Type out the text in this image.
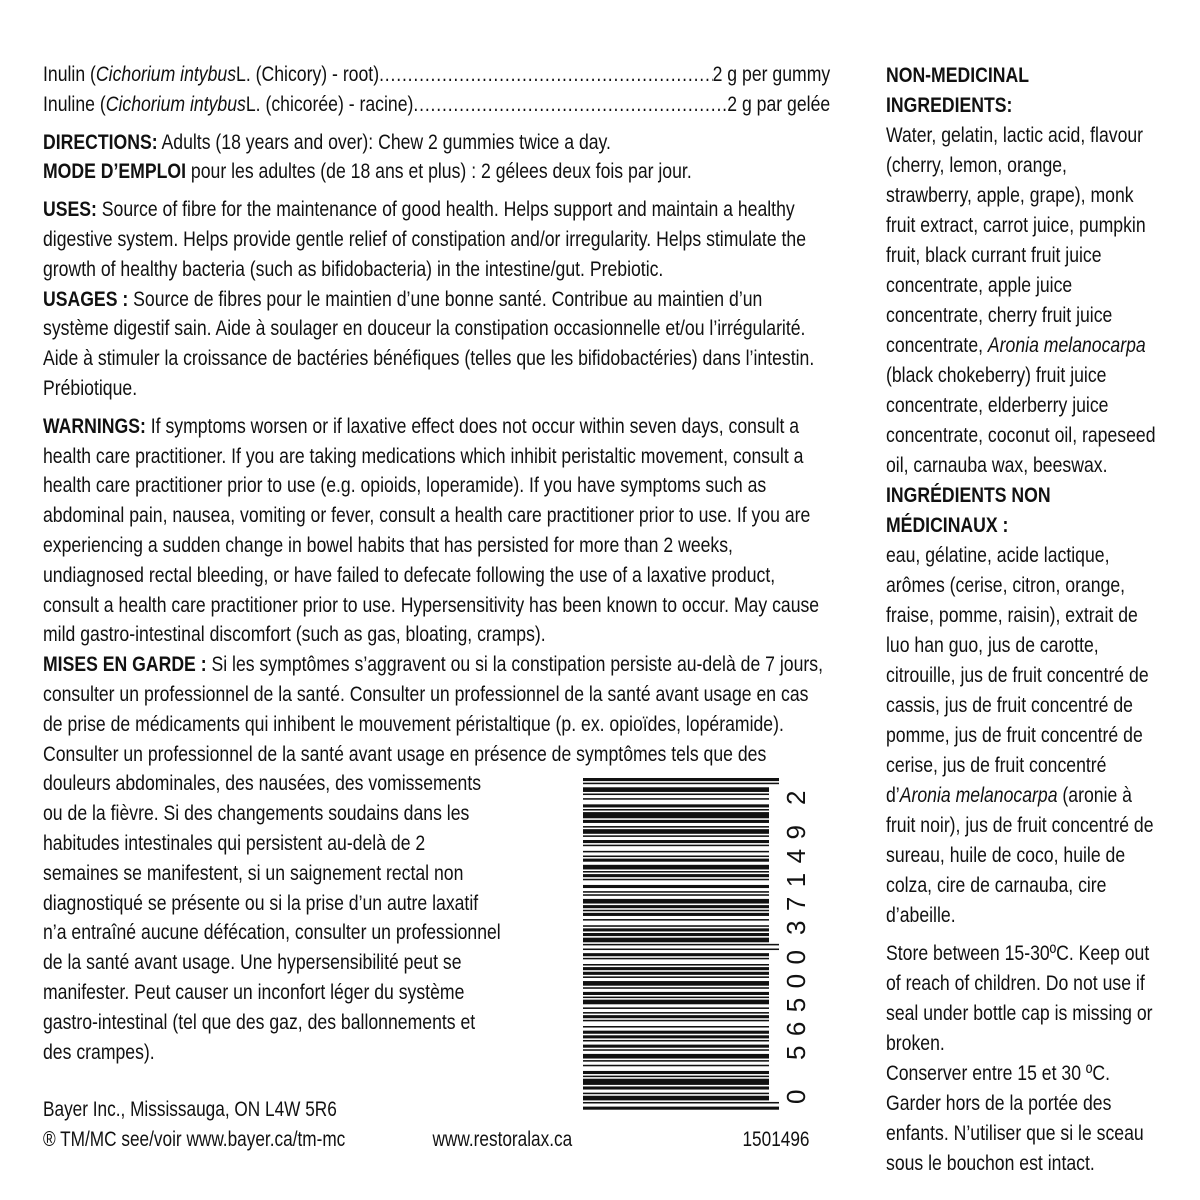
Inulin ( Cichorium intybus L. (Chicory) - root) .....	2 g per gummy
Inuline ( Cichorium intybus L. (chicorée) - racine) .....	2 g par gelée
DIRECTIONS: Adults (18 years and over): Chew 2 gummies twice a day.
MODE D’EMPLOI pour les adultes (de 18 ans et plus) : 2 gélees deux fois par jour.
USES: Source of fibre for the maintenance of good health. Helps support and maintain a healthy digestive system. Helps provide gentle relief of constipation and/or irregularity. Helps stimulate the growth of healthy bacteria (such as bifidobacteria) in the intestine/gut. Prebiotic.
USAGES : Source de fibres pour le maintien d’une bonne santé. Contribue au maintien d’un système digestif sain. Aide à soulager en douceur la constipation occasionnelle et/ou l’irrégularité. Aide à stimuler la croissance de bactéries bénéfiques (telles que les bifidobactéries) dans l’intestin. Prébiotique.
WARNINGS: If symptoms worsen or if laxative effect does not occur within seven days, consult a health care practitioner. If you are taking medications which inhibit peristaltic movement, consult a health care practitioner prior to use (e.g. opioids, loperamide). If you have symptoms such as abdominal pain, nausea, vomiting or fever, consult a health care practitioner prior to use. If you are experiencing a sudden change in bowel habits that has persisted for more than 2 weeks, undiagnosed rectal bleeding, or have failed to defecate following the use of a laxative product, consult a health care practitioner prior to use. Hypersensitivity has been known to occur. May cause mild gastro-intestinal discomfort (such as gas, bloating, cramps).
MISES EN GARDE : Si les symptômes s’aggravent ou si la constipation persiste au-delà de 7 jours, consulter un professionnel de la santé. Consulter un professionnel de la santé avant usage en cas de prise de médicaments qui inhibent le mouvement péristaltique (p. ex. opioïdes, lopéramide). Consulter un professionnel de la santé avant usage en présence de symptômes tels que des
douleurs abdominales, des nausées, des vomissements ou de la fièvre. Si des changements soudains dans les habitudes intestinales qui persistent au-delà de 2 semaines se manifestent, si un saignement rectal non diagnostiqué se présente ou si la prise d’un autre laxatif n’a entraîné aucune défécation, consulter un professionnel de la santé avant usage. Une hypersensibilité peut se manifester. Peut causer un inconfort léger du système gastro-intestinal (tel que des gaz, des ballonnements et des crampes).
0
56500
37149
2
NON-MEDICINAL INGREDIENTS:
Water, gelatin, lactic acid, flavour (cherry, lemon, orange, strawberry, apple, grape), monk fruit extract, carrot juice, pumpkin fruit, black currant fruit juice concentrate, apple juice concentrate, cherry fruit juice concentrate, Aronia melanocarpa (black chokeberry) fruit juice concentrate, elderberry juice concentrate, coconut oil, rapeseed oil, carnauba wax, beeswax.
INGRÉDIENTS NON MÉDICINAUX :
eau, gélatine, acide lactique, arômes (cerise, citron, orange, fraise, pomme, raisin), extrait de luo han guo, jus de carotte, citrouille, jus de fruit concentré de cassis, jus de fruit concentré de pomme, jus de fruit concentré de cerise, jus de fruit concentré d’Aronia melanocarpa (aronie à fruit noir), jus de fruit concentré de sureau, huile de coco, huile de colza, cire de carnauba, cire d’abeille.
Store between 15-30ºC. Keep out of reach of children. Do not use if seal under bottle cap is missing or broken.
Conserver entre 15 et 30 ºC. Garder hors de la portée des enfants. N’utiliser que si le sceau sous le bouchon est intact.
Bayer Inc., Mississauga, ON L4W 5R6
® TM/MC see/voir www.bayer.ca/tm-mc	www.restoralax.ca	1501496
